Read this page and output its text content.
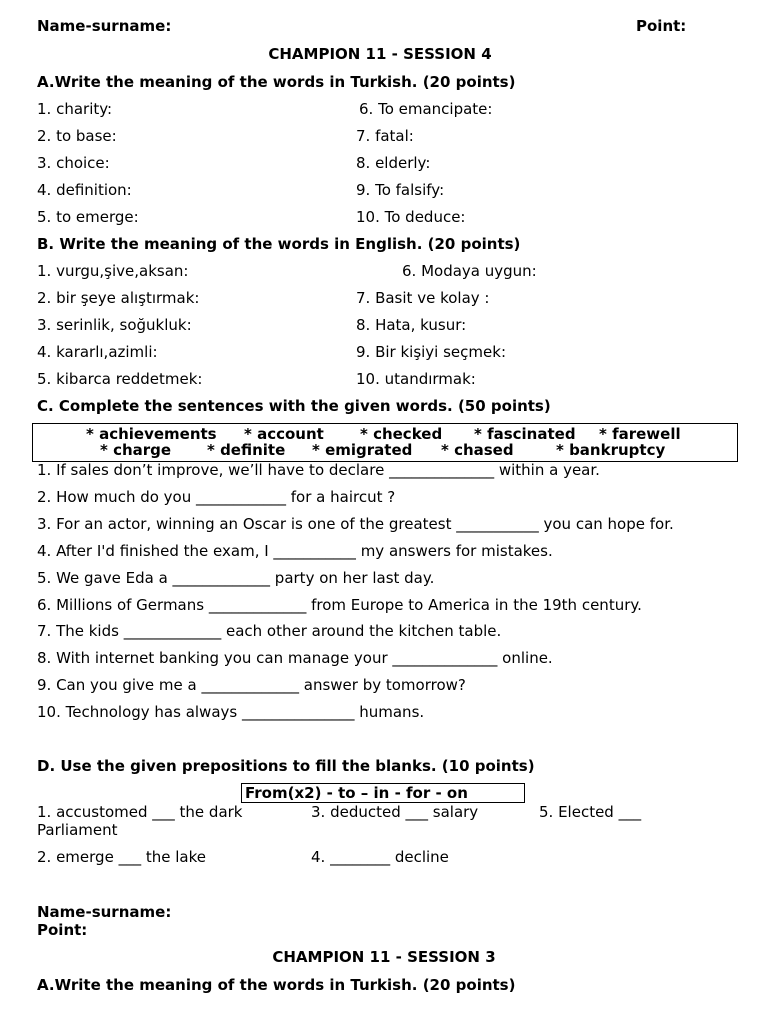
Name-surname:	Point:
CHAMPION 11 - SESSION 4
A.Write the meaning of the words in Turkish. (20 points)
1. charity:	6. To emancipate:
2. to base:	7. fatal:
3. choice:	8. elderly:
4. definition:	9. To falsify:
5. to emerge:	10. To deduce:
B. Write the meaning of the words in English. (20 points)
1. vurgu,şive,aksan:	6. Modaya uygun:
2. bir şeye alıştırmak:	7. Basit ve kolay :
3. serinlik, soğukluk:	8. Hata, kusur:
4. kararlı,azimli:	9. Bir kişiyi seçmek:
5. kibarca reddetmek:	10. utandırmak:
C. Complete the sentences with the given words. (50 points)
* achievements * account * checked * fascinated * farewell
* charge * definite * emigrated * chased	* bankruptcy
1. If sales don’t improve, we’ll have to declare ______________ within a year.
2. How much do you ____________ for a haircut ?
3. For an actor, winning an Oscar is one of the greatest ___________ you can hope for.
4. After I'd finished the exam, I ___________ my answers for mistakes.
5. We gave Eda a _____________ party on her last day.
6. Millions of Germans _____________ from Europe to America in the 19th century.
7. The kids _____________ each other around the kitchen table.
8. With internet banking you can manage your ______________ online.
9. Can you give me a _____________ answer by tomorrow?
10. Technology has always _______________ humans.
D. Use the given prepositions to fill the blanks. (10 points)
From(x2) - to – in - for - on
1. accustomed ___ the dark	3. deducted ___ salary	5. Elected ___
Parliament
2. emerge ___ the lake	4. ________ decline
Name-surname:
Point:
CHAMPION 11 - SESSION 3
A.Write the meaning of the words in Turkish. (20 points)
